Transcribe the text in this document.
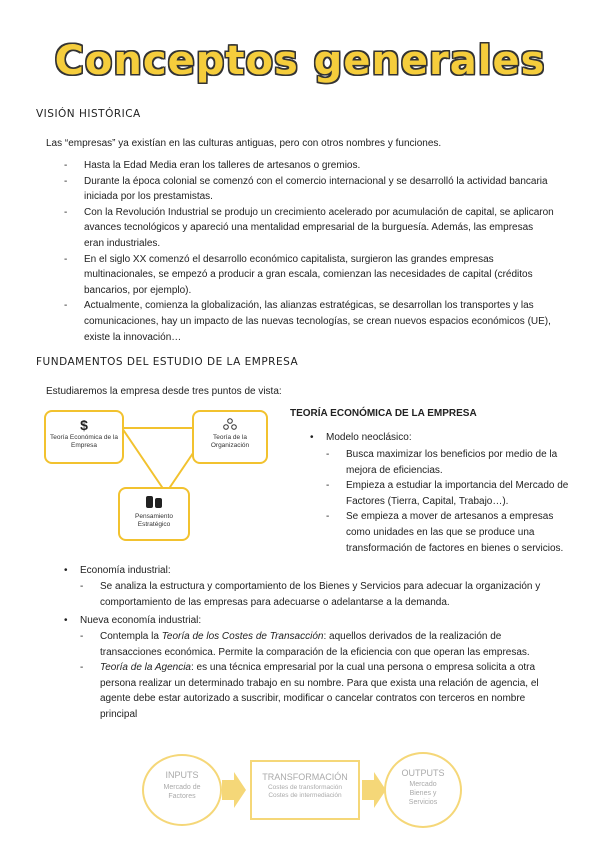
Conceptos generales
VISIÓN HISTÓRICA
Las “empresas” ya existían en las culturas antiguas, pero con otros nombres y funciones.
- Hasta la Edad Media eran los talleres de artesanos o gremios.
- Durante la época colonial se comenzó con el comercio internacional y se desarrolló la actividad bancaria iniciada por los prestamistas.
- Con la Revolución Industrial se produjo un crecimiento acelerado por acumulación de capital, se aplicaron avances tecnológicos y apareció una mentalidad empresarial de la burguesía. Además, las empresas eran industriales.
- En el siglo XX comenzó el desarrollo económico capitalista, surgieron las grandes empresas multinacionales, se empezó a producir a gran escala, comienzan las necesidades de capital (créditos bancarios, por ejemplo).
- Actualmente, comienza la globalización, las alianzas estratégicas, se desarrollan los transportes y las comunicaciones, hay un impacto de las nuevas tecnologías, se crean nuevos espacios económicos (UE), existe la innovación…
FUNDAMENTOS DEL ESTUDIO DE LA EMPRESA
Estudiaremos la empresa desde tres puntos de vista:
$
Teoría Económica de la Empresa
Teoría de la Organización
Pensamiento Estratégico
TEORÍA ECONÓMICA DE LA EMPRESA
• Modelo neoclásico:
- Busca maximizar los beneficios por medio de la mejora de eficiencias.
- Empieza a estudiar la importancia del Mercado de Factores (Tierra, Capital, Trabajo…).
- Se empieza a mover de artesanos a empresas como unidades en las que se produce una transformación de factores en bienes o servicios.
• Economía industrial:
- Se analiza la estructura y comportamiento de los Bienes y Servicios para adecuar la organización y comportamiento de las empresas para adecuarse o adelantarse a la demanda.
• Nueva economía industrial:
- Contempla la Teoría de los Costes de Transacción: aquellos derivados de la realización de transacciones económica. Permite la comparación de la eficiencia con que operan las empresas.
- Teoría de la Agencia: es una técnica empresarial por la cual una persona o empresa solicita a otra persona realizar un determinado trabajo en su nombre. Para que exista una relación de agencia, el agente debe estar autorizado a suscribir, modificar o cancelar contratos con terceros en nombre principal
INPUTS
Mercado de Factores
TRANSFORMACIÓN
Costes de transformación
Costes de intermediación
OUTPUTS
Mercado Bienes y Servicios
